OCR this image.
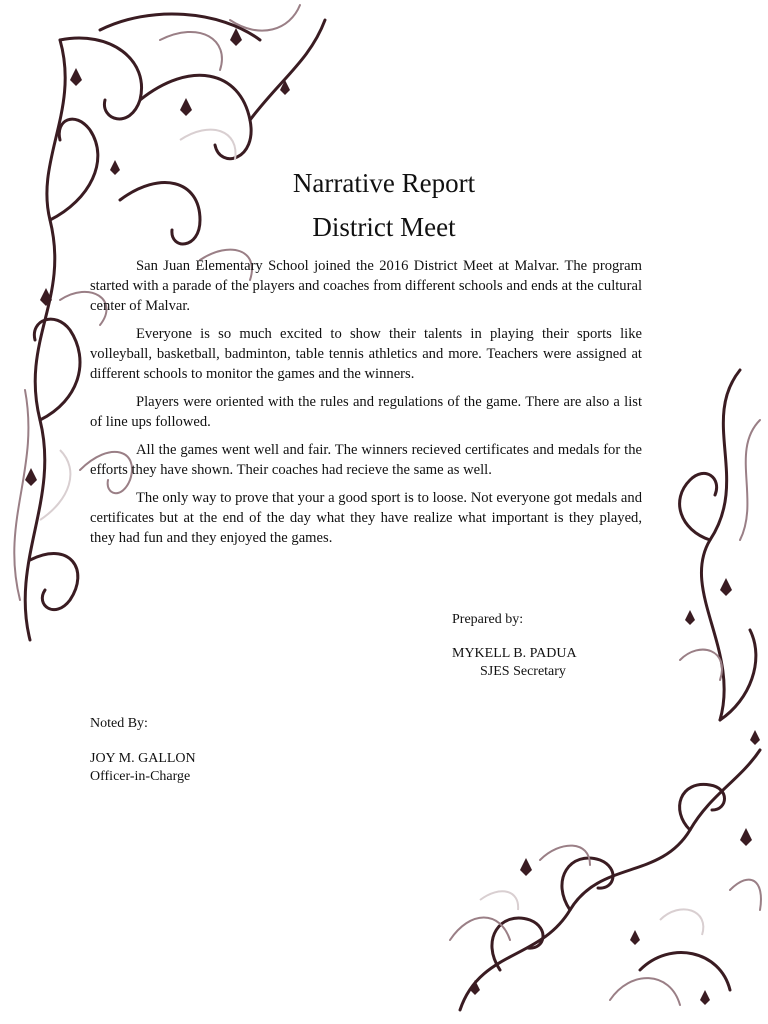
Narrative Report
District Meet

San Juan Elementary School joined the 2016 District Meet at Malvar. The program started with a parade of the players and coaches from different schools and ends at the cultural center of Malvar.

Everyone is so much excited to show their talents in playing their sports like volleyball, basketball, badminton, table tennis athletics and more. Teachers were assigned at different schools to monitor the games and the winners.

Players were oriented with the rules and regulations of the game. There are also a list of line ups followed.

All the games went well and fair. The winners recieved certificates and medals for the efforts they have shown. Their coaches had recieve the same as well.

The only way to prove that your a good sport is to loose. Not everyone got medals and certificates but at the end of the day what they have realize what important is they played, they had fun and they enjoyed the games.

Prepared by:
MYKELL B. PADUA
SJES Secretary
Noted By:
JOY M. GALLON
Officer-in-Charge
